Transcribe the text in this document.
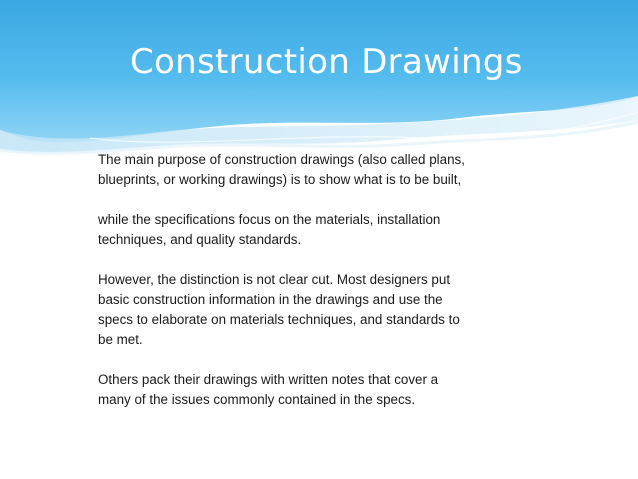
Construction Drawings

The main purpose of construction drawings (also called plans,

blueprints, or working drawings) is to show what is to be built,

while the specifications focus on the materials, installation

techniques, and quality standards.

However, the distinction is not clear cut. Most designers put

basic construction information in the drawings and use the

specs to elaborate on materials techniques, and standards to

be met.

Others pack their drawings with written notes that cover a

many of the issues commonly contained in the specs.
